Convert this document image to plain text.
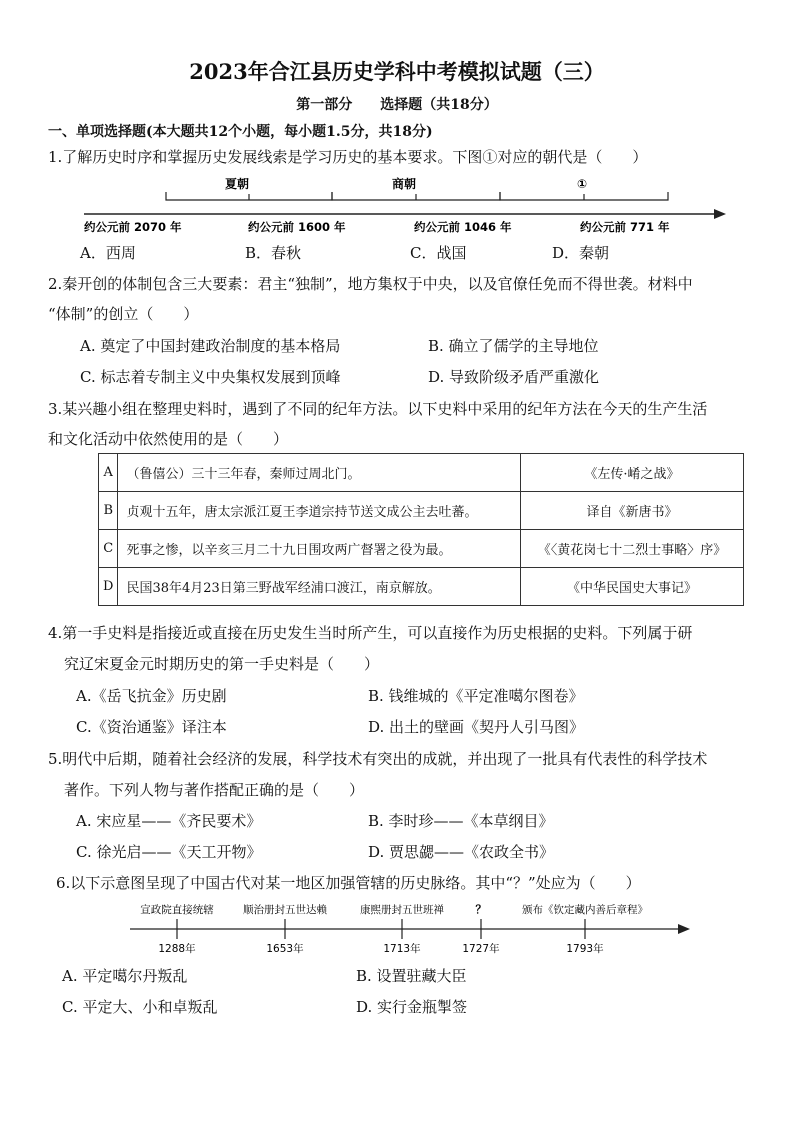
2023年合江县历史学科中考模拟试题（三）
第一部分　　选择题（共18分）
一、单项选择题(本大题共12个小题，每小题1.5分，共18分)
1.了解历史时序和掌握历史发展线索是学习历史的基本要求。下图①对应的朝代是（　　）
夏朝	商朝	①
约公元前 2070 年	约公元前 1600 年	约公元前 1046 年	约公元前 771 年
A．西周	B．春秋	C．战国	D．秦朝
2.秦开创的体制包含三大要素：君主“独制”，地方集权于中央，以及官僚任免而不得世袭。材料中
“体制”的创立（　　）
A. 奠定了中国封建政治制度的基本格局	B. 确立了儒学的主导地位
C. 标志着专制主义中央集权发展到顶峰	D. 导致阶级矛盾严重激化
3.某兴趣小组在整理史料时，遇到了不同的纪年方法。以下史料中采用的纪年方法在今天的生产生活
和文化活动中依然使用的是（　　）
A	（鲁僖公）三十三年春，秦师过周北门。	《左传·崤之战》
B	贞观十五年，唐太宗派江夏王李道宗持节送文成公主去吐蕃。	译自《新唐书》
C	死事之惨，以辛亥三月二十九日围攻两广督署之役为最。	《〈黄花岗七十二烈士事略〉序》
D	民国38年4月23日第三野战军经浦口渡江，南京解放。	《中华民国史大事记》
4.第一手史料是指接近或直接在历史发生当时所产生，可以直接作为历史根据的史料。下列属于研
究辽宋夏金元时期历史的第一手史料是（　　）
A.《岳飞抗金》历史剧	B. 钱维城的《平定准噶尔图卷》
C.《资治通鉴》译注本	D. 出土的壁画《契丹人引马图》
5.明代中后期，随着社会经济的发展，科学技术有突出的成就，并出现了一批具有代表性的科学技术
著作。下列人物与著作搭配正确的是（　　）
A. 宋应星——《齐民要术》	B. 李时珍——《本草纲目》
C. 徐光启——《天工开物》	D. 贾思勰——《农政全书》
6.以下示意图呈现了中国古代对某一地区加强管辖的历史脉络。其中“？”处应为（　　）
宣政院直接统辖	顺治册封五世达赖	康熙册封五世班禅	？	颁布《钦定藏内善后章程》
1288年	1653年	1713年	1727年	1793年
A. 平定噶尔丹叛乱	B. 设置驻藏大臣
C. 平定大、小和卓叛乱	D. 实行金瓶掣签
